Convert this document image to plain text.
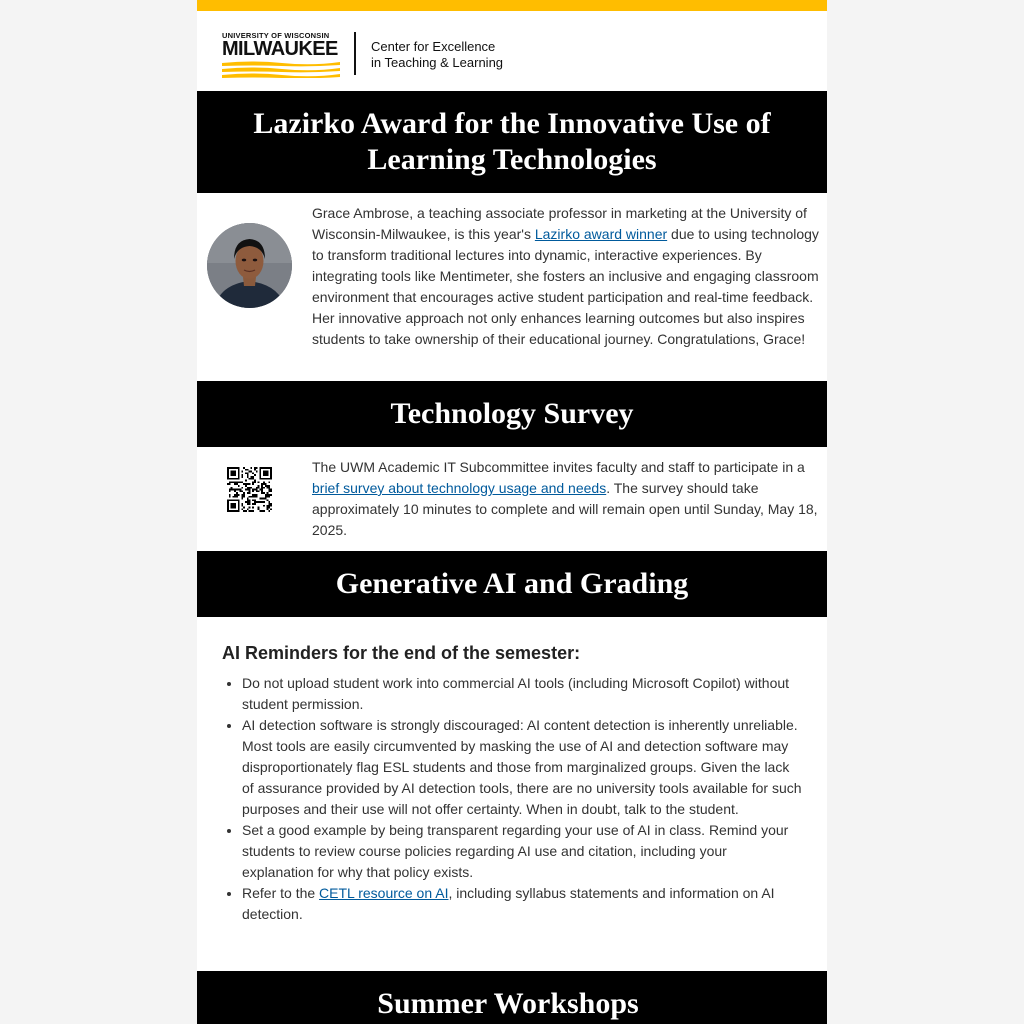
UNIVERSITY OF WISCONSIN
MILWAUKEE	Center for Excellence
in Teaching & Learning
Lazirko Award for the Innovative Use of
Learning Technologies
Grace Ambrose, a teaching associate professor in marketing at the University of Wisconsin-Milwaukee, is this year's Lazirko award winner due to using technology to transform traditional lectures into dynamic, interactive experiences. By integrating tools like Mentimeter, she fosters an inclusive and engaging classroom environment that encourages active student participation and real-time feedback. Her innovative approach not only enhances learning outcomes but also inspires students to take ownership of their educational journey. Congratulations, Grace!
Technology Survey
The UWM Academic IT Subcommittee invites faculty and staff to participate in a brief survey about technology usage and needs. The survey should take approximately 10 minutes to complete and will remain open until Sunday, May 18, 2025.
Generative AI and Grading
AI Reminders for the end of the semester:
• Do not upload student work into commercial AI tools (including Microsoft Copilot) without student permission.
• AI detection software is strongly discouraged: AI content detection is inherently unreliable. Most tools are easily circumvented by masking the use of AI and detection software may disproportionately flag ESL students and those from marginalized groups. Given the lack of assurance provided by AI detection tools, there are no university tools available for such purposes and their use will not offer certainty. When in doubt, talk to the student.
• Set a good example by being transparent regarding your use of AI in class. Remind your students to review course policies regarding AI use and citation, including your explanation for why that policy exists.
• Refer to the CETL resource on AI, including syllabus statements and information on AI detection.
Summer Workshops
